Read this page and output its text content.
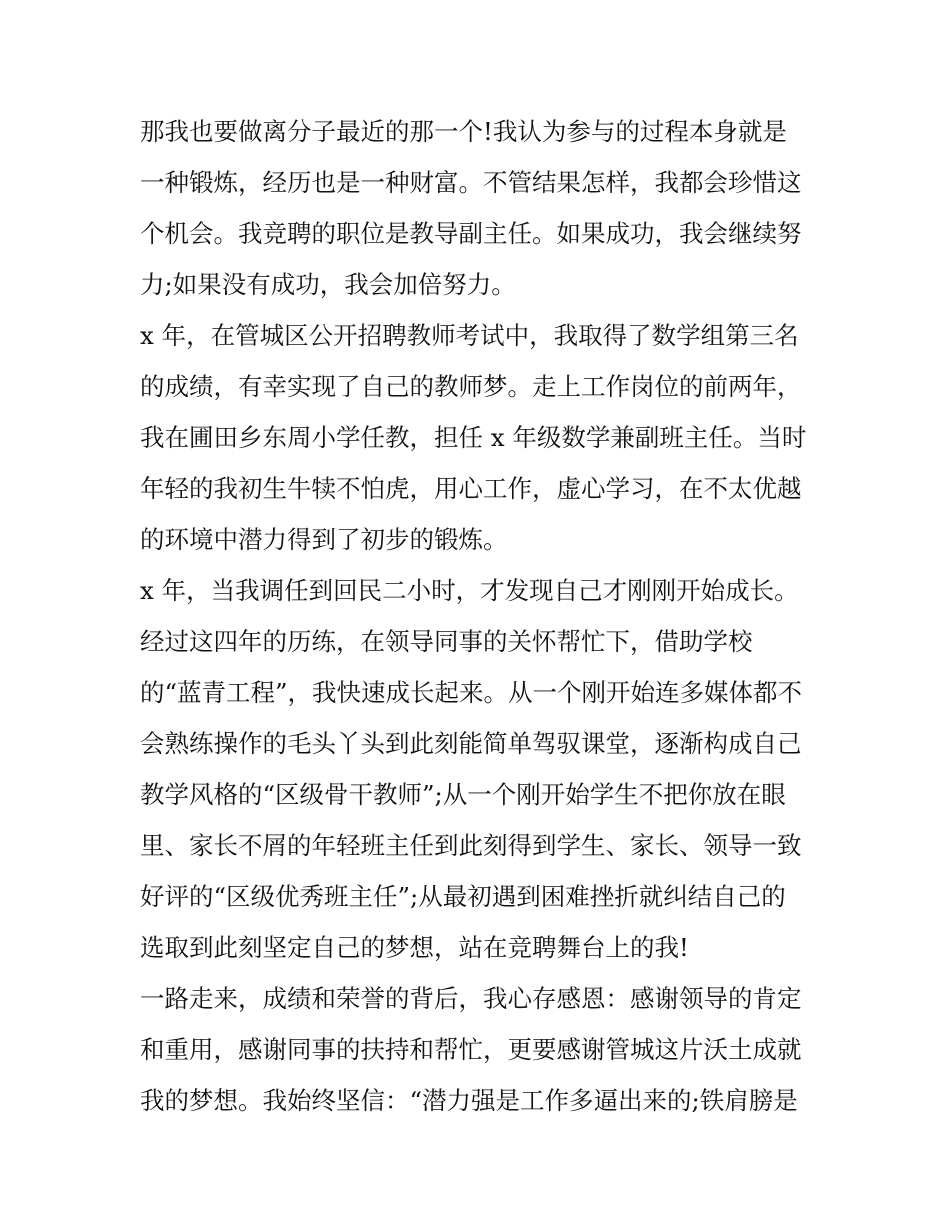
那我也要做离分子最近的那一个!我认为参与的过程本身就是
一种锻炼，经历也是一种财富。不管结果怎样，我都会珍惜这
个机会。我竞聘的职位是教导副主任。如果成功，我会继续努
力;如果没有成功，我会加倍努力。
x 年，在管城区公开招聘教师考试中，我取得了数学组第三名
的成绩，有幸实现了自己的教师梦。走上工作岗位的前两年，
我在圃田乡东周小学任教，担任 x 年级数学兼副班主任。当时
年轻的我初生牛犊不怕虎，用心工作，虚心学习，在不太优越
的环境中潜力得到了初步的锻炼。
x 年，当我调任到回民二小时，才发现自己才刚刚开始成长。
经过这四年的历练，在领导同事的关怀帮忙下，借助学校
的“蓝青工程”，我快速成长起来。从一个刚开始连多媒体都不
会熟练操作的毛头丫头到此刻能简单驾驭课堂，逐渐构成自己
教学风格的“区级骨干教师”;从一个刚开始学生不把你放在眼
里、家长不屑的年轻班主任到此刻得到学生、家长、领导一致
好评的“区级优秀班主任”;从最初遇到困难挫折就纠结自己的
选取到此刻坚定自己的梦想，站在竞聘舞台上的我!
一路走来，成绩和荣誉的背后，我心存感恩：感谢领导的肯定
和重用，感谢同事的扶持和帮忙，更要感谢管城这片沃土成就
我的梦想。我始终坚信：“潜力强是工作多逼出来的;铁肩膀是
